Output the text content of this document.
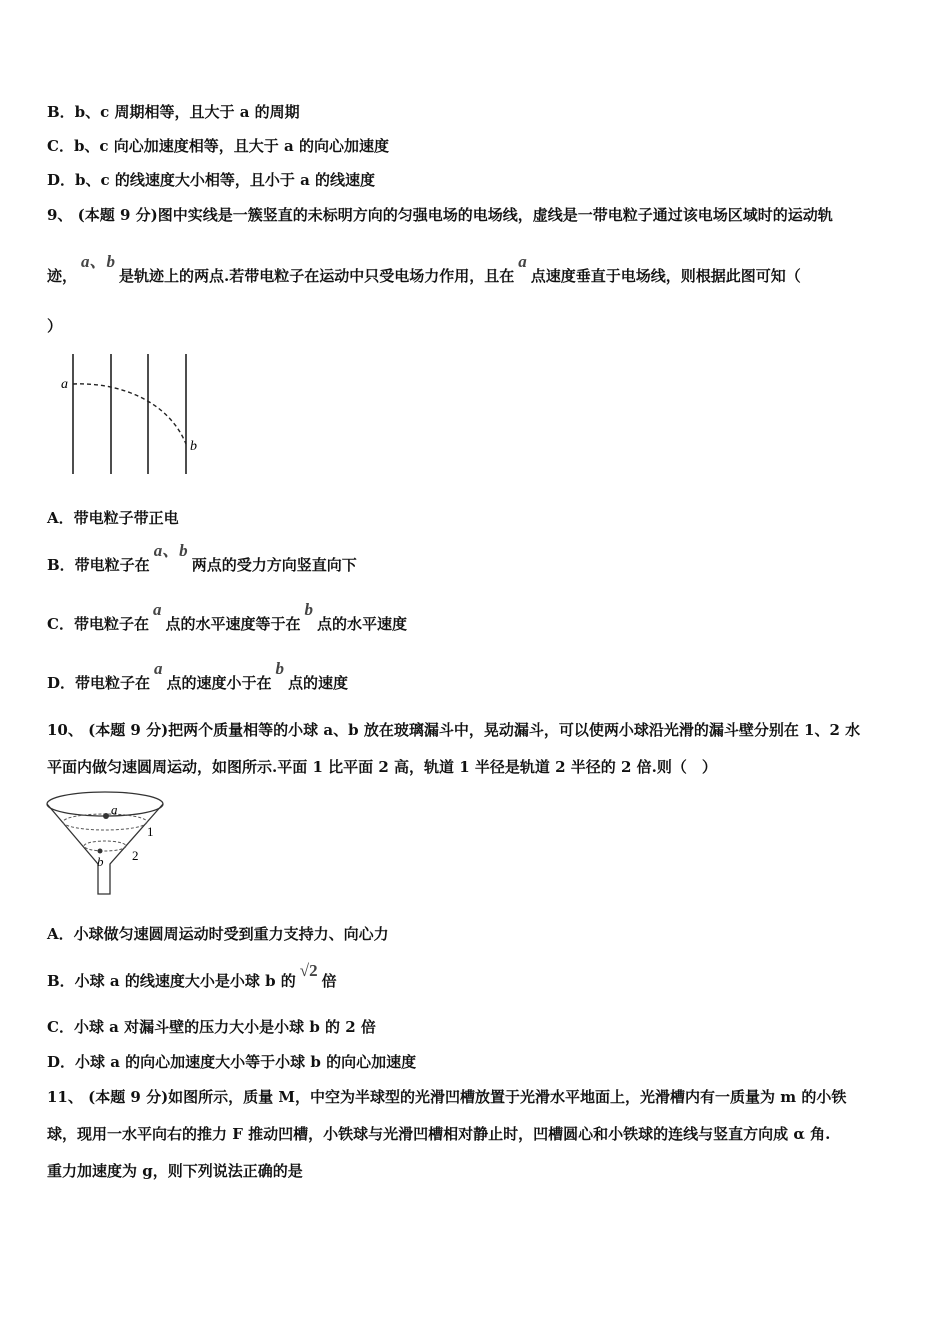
B．b、c 周期相等，且大于 a 的周期
C．b、c 向心加速度相等，且大于 a 的向心加速度
D．b、c 的线速度大小相等，且小于 a 的线速度
9、 (本题 9 分)图中实线是一簇竖直的未标明方向的匀强电场的电场线，虚线是一带电粒子通过该电场区域时的运动轨
迹，a、b是轨迹上的两点.若带电粒子在运动中只受电场力作用，且在a点速度垂直于电场线，则根据此图可知（
）
a
b
A．带电粒子带正电
B．带电粒子在a、b两点的受力方向竖直向下
C．带电粒子在a点的水平速度等于在b点的水平速度
D．带电粒子在a点的速度小于在b点的速度
10、 (本题 9 分)把两个质量相等的小球 a、b 放在玻璃漏斗中，晃动漏斗，可以使两小球沿光滑的漏斗壁分别在 1、2 水
平面内做匀速圆周运动，如图所示.平面 1 比平面 2 高，轨道 1 半径是轨道 2 半径的 2 倍.则（　）
a
b
1
2
A．小球做匀速圆周运动时受到重力支持力、向心力
B．小球 a 的线速度大小是小球 b 的√2倍
C．小球 a 对漏斗壁的压力大小是小球 b 的 2 倍
D．小球 a 的向心加速度大小等于小球 b 的向心加速度
11、 (本题 9 分)如图所示，质量 M，中空为半球型的光滑凹槽放置于光滑水平地面上，光滑槽内有一质量为 m 的小铁
球，现用一水平向右的推力 F 推动凹槽，小铁球与光滑凹槽相对静止时，凹槽圆心和小铁球的连线与竖直方向成 α 角.
重力加速度为 g，则下列说法正确的是
